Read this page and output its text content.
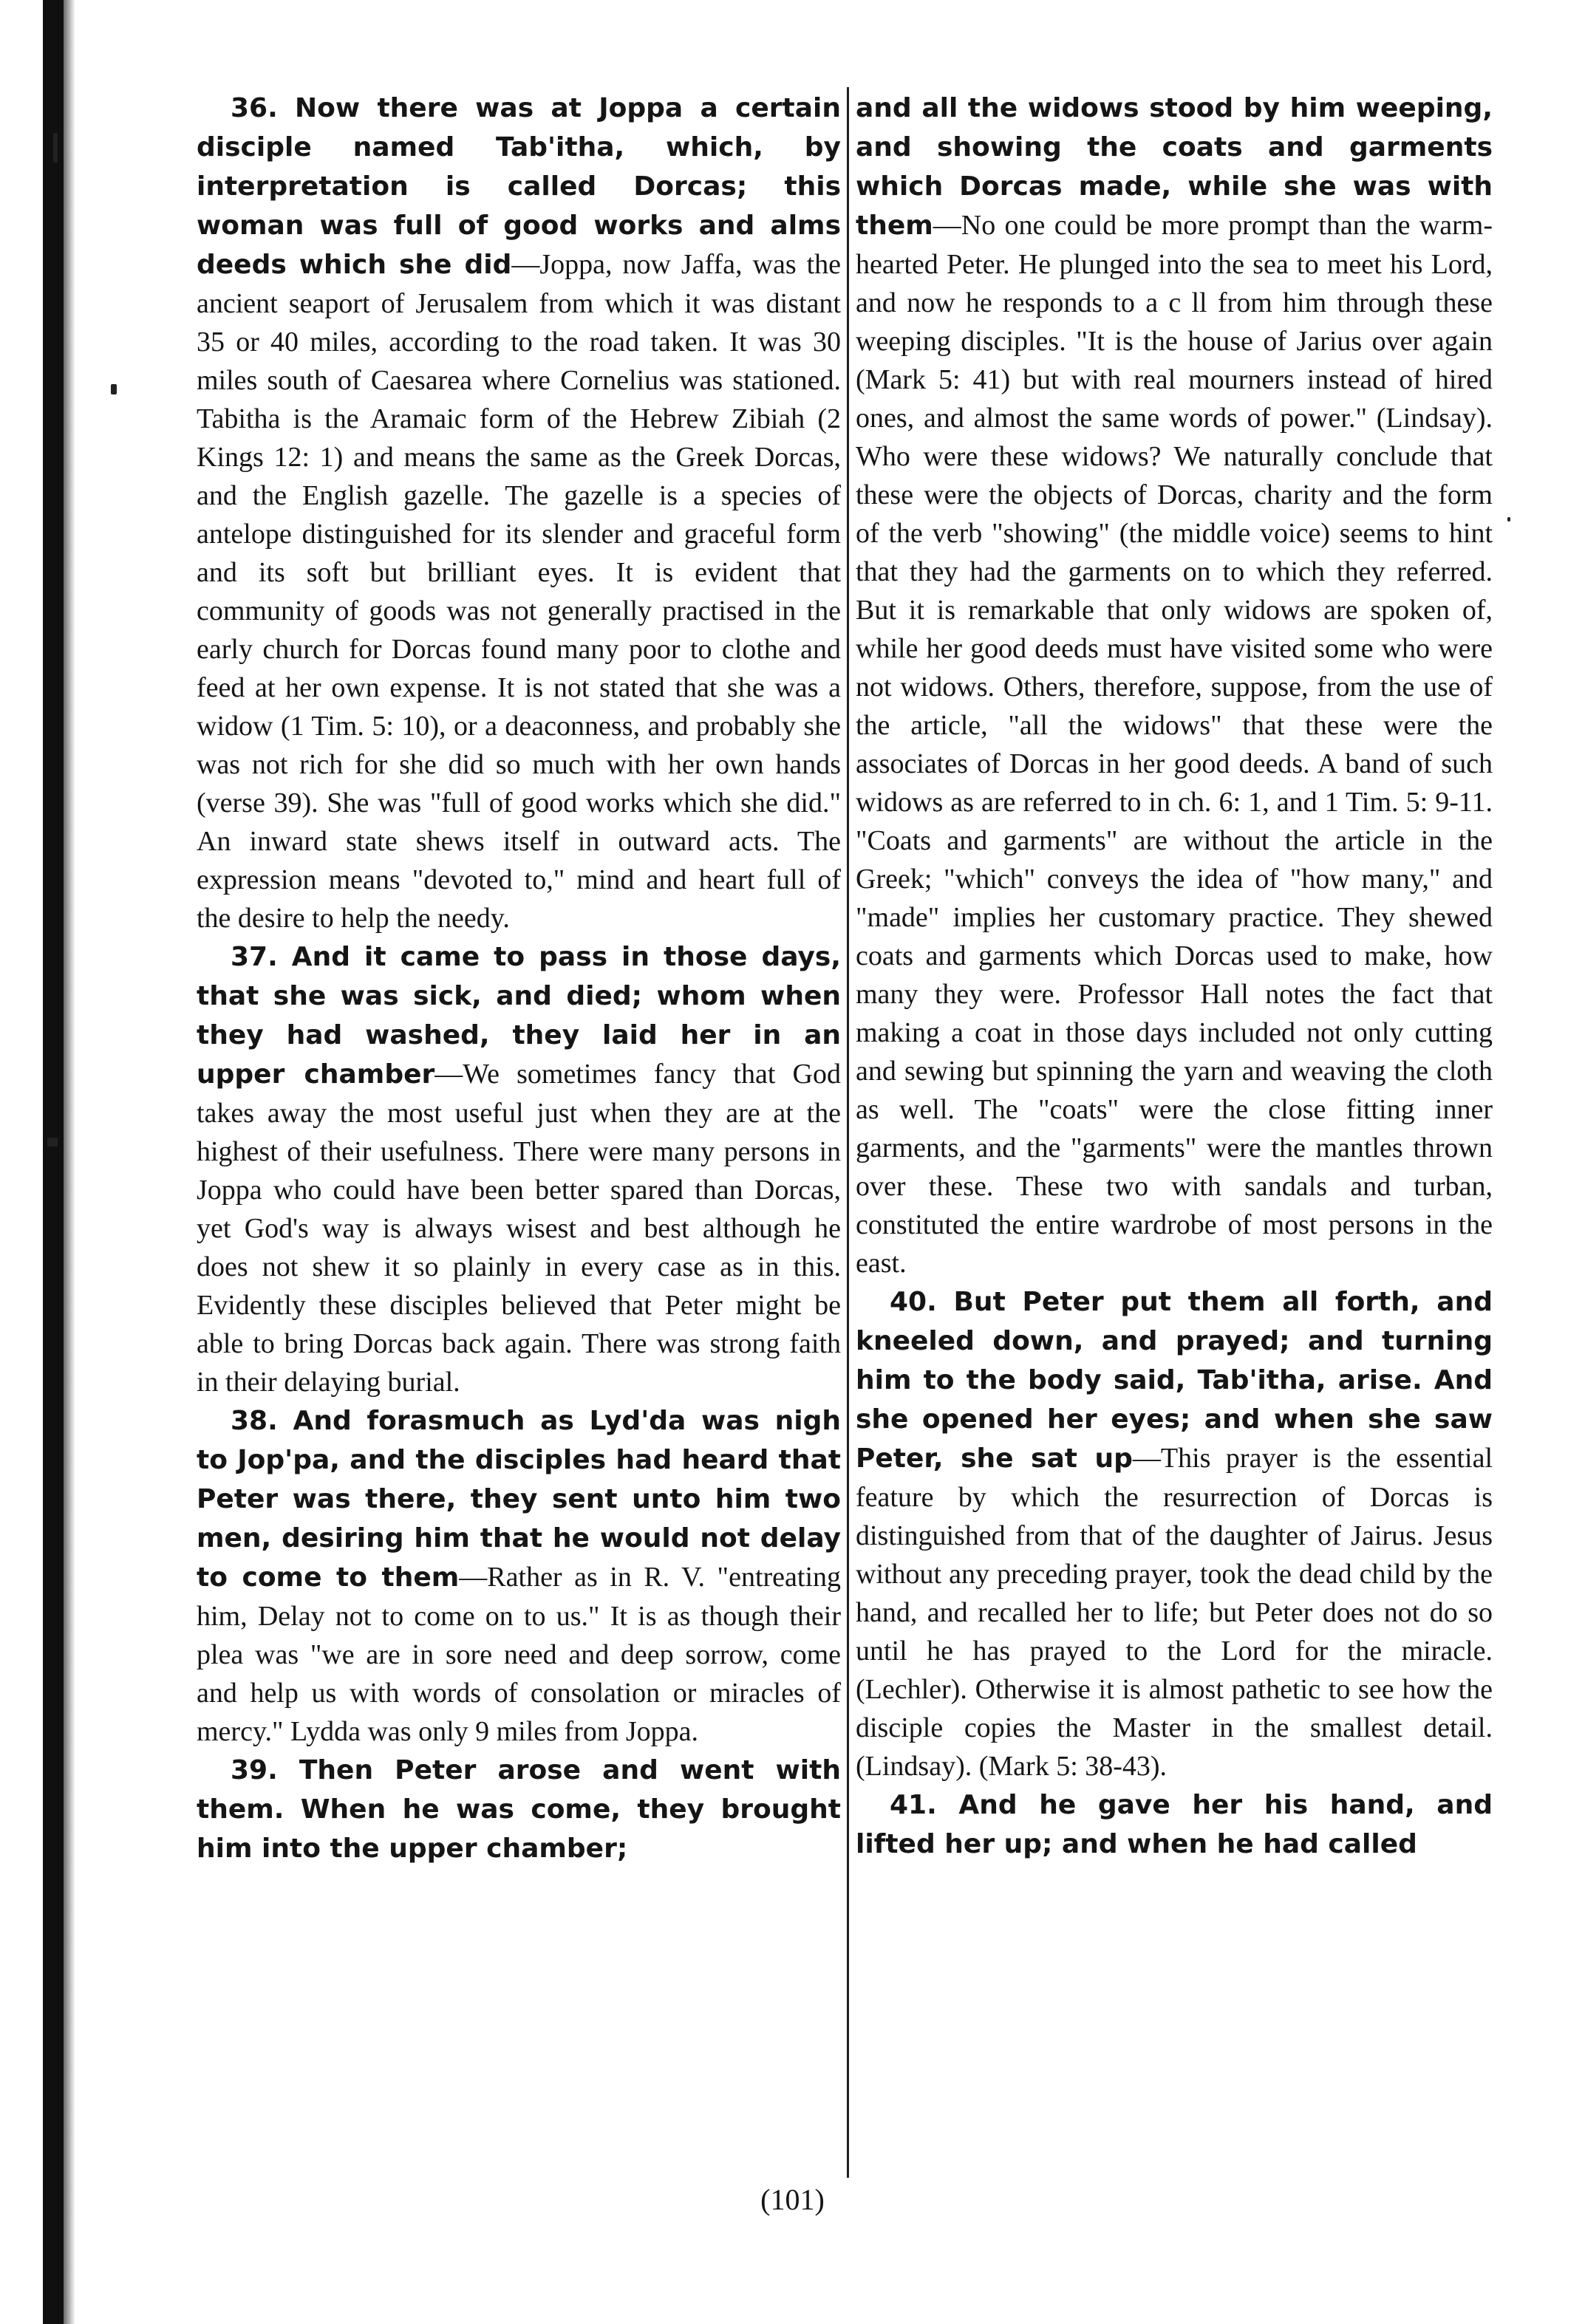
36. Now there was at Joppa a certain disciple named Tab'itha, which, by interpretation is called Dorcas; this woman was full of good works and alms deeds which she did—Joppa, now Jaffa, was the ancient seaport of Jerusalem from which it was distant 35 or 40 miles, according to the road taken. It was 30 miles south of Caesarea where Cornelius was stationed. Tabitha is the Aramaic form of the Hebrew Zibiah (2 Kings 12: 1) and means the same as the Greek Dorcas, and the English gazelle. The gazelle is a species of antelope distinguished for its slender and graceful form and its soft but brilliant eyes. It is evident that community of goods was not generally practised in the early church for Dorcas found many poor to clothe and feed at her own expense. It is not stated that she was a widow (1 Tim. 5: 10), or a deaconness, and probably she was not rich for she did so much with her own hands (verse 39). She was "full of good works which she did." An inward state shews itself in outward acts. The expression means "devoted to," mind and heart full of the desire to help the needy.

37. And it came to pass in those days, that she was sick, and died; whom when they had washed, they laid her in an upper chamber—We sometimes fancy that God takes away the most useful just when they are at the highest of their usefulness. There were many persons in Joppa who could have been better spared than Dorcas, yet God's way is always wisest and best although he does not shew it so plainly in every case as in this. Evidently these disciples believed that Peter might be able to bring Dorcas back again. There was strong faith in their delaying burial.

38. And forasmuch as Lyd'da was nigh to Jop'pa, and the disciples had heard that Peter was there, they sent unto him two men, desiring him that he would not delay to come to them—Rather as in R. V. "entreating him, Delay not to come on to us." It is as though their plea was "we are in sore need and deep sorrow, come and help us with words of consolation or miracles of mercy." Lydda was only 9 miles from Joppa.

39. Then Peter arose and went with them. When he was come, they brought him into the upper chamber;

and all the widows stood by him weeping, and showing the coats and garments which Dorcas made, while she was with them—No one could be more prompt than the warm-hearted Peter. He plunged into the sea to meet his Lord, and now he responds to a c ll from him through these weeping disciples. "It is the house of Jarius over again (Mark 5: 41) but with real mourners instead of hired ones, and almost the same words of power." (Lindsay). Who were these widows? We naturally conclude that these were the objects of Dorcas, charity and the form of the verb "showing" (the middle voice) seems to hint that they had the garments on to which they referred. But it is remarkable that only widows are spoken of, while her good deeds must have visited some who were not widows. Others, therefore, suppose, from the use of the article, "all the widows" that these were the associates of Dorcas in her good deeds. A band of such widows as are referred to in ch. 6: 1, and 1 Tim. 5: 9-11. "Coats and garments" are without the article in the Greek; "which" conveys the idea of "how many," and "made" implies her customary practice. They shewed coats and garments which Dorcas used to make, how many they were. Professor Hall notes the fact that making a coat in those days included not only cutting and sewing but spinning the yarn and weaving the cloth as well. The "coats" were the close fitting inner garments, and the "garments" were the mantles thrown over these. These two with sandals and turban, constituted the entire wardrobe of most persons in the east.

40. But Peter put them all forth, and kneeled down, and prayed; and turning him to the body said, Tab'itha, arise. And she opened her eyes; and when she saw Peter, she sat up—This prayer is the essential feature by which the resurrection of Dorcas is distinguished from that of the daughter of Jairus. Jesus without any preceding prayer, took the dead child by the hand, and recalled her to life; but Peter does not do so until he has prayed to the Lord for the miracle. (Lechler). Otherwise it is almost pathetic to see how the disciple copies the Master in the smallest detail. (Lindsay). (Mark 5: 38-43).

41. And he gave her his hand, and lifted her up; and when he had called

(101)
